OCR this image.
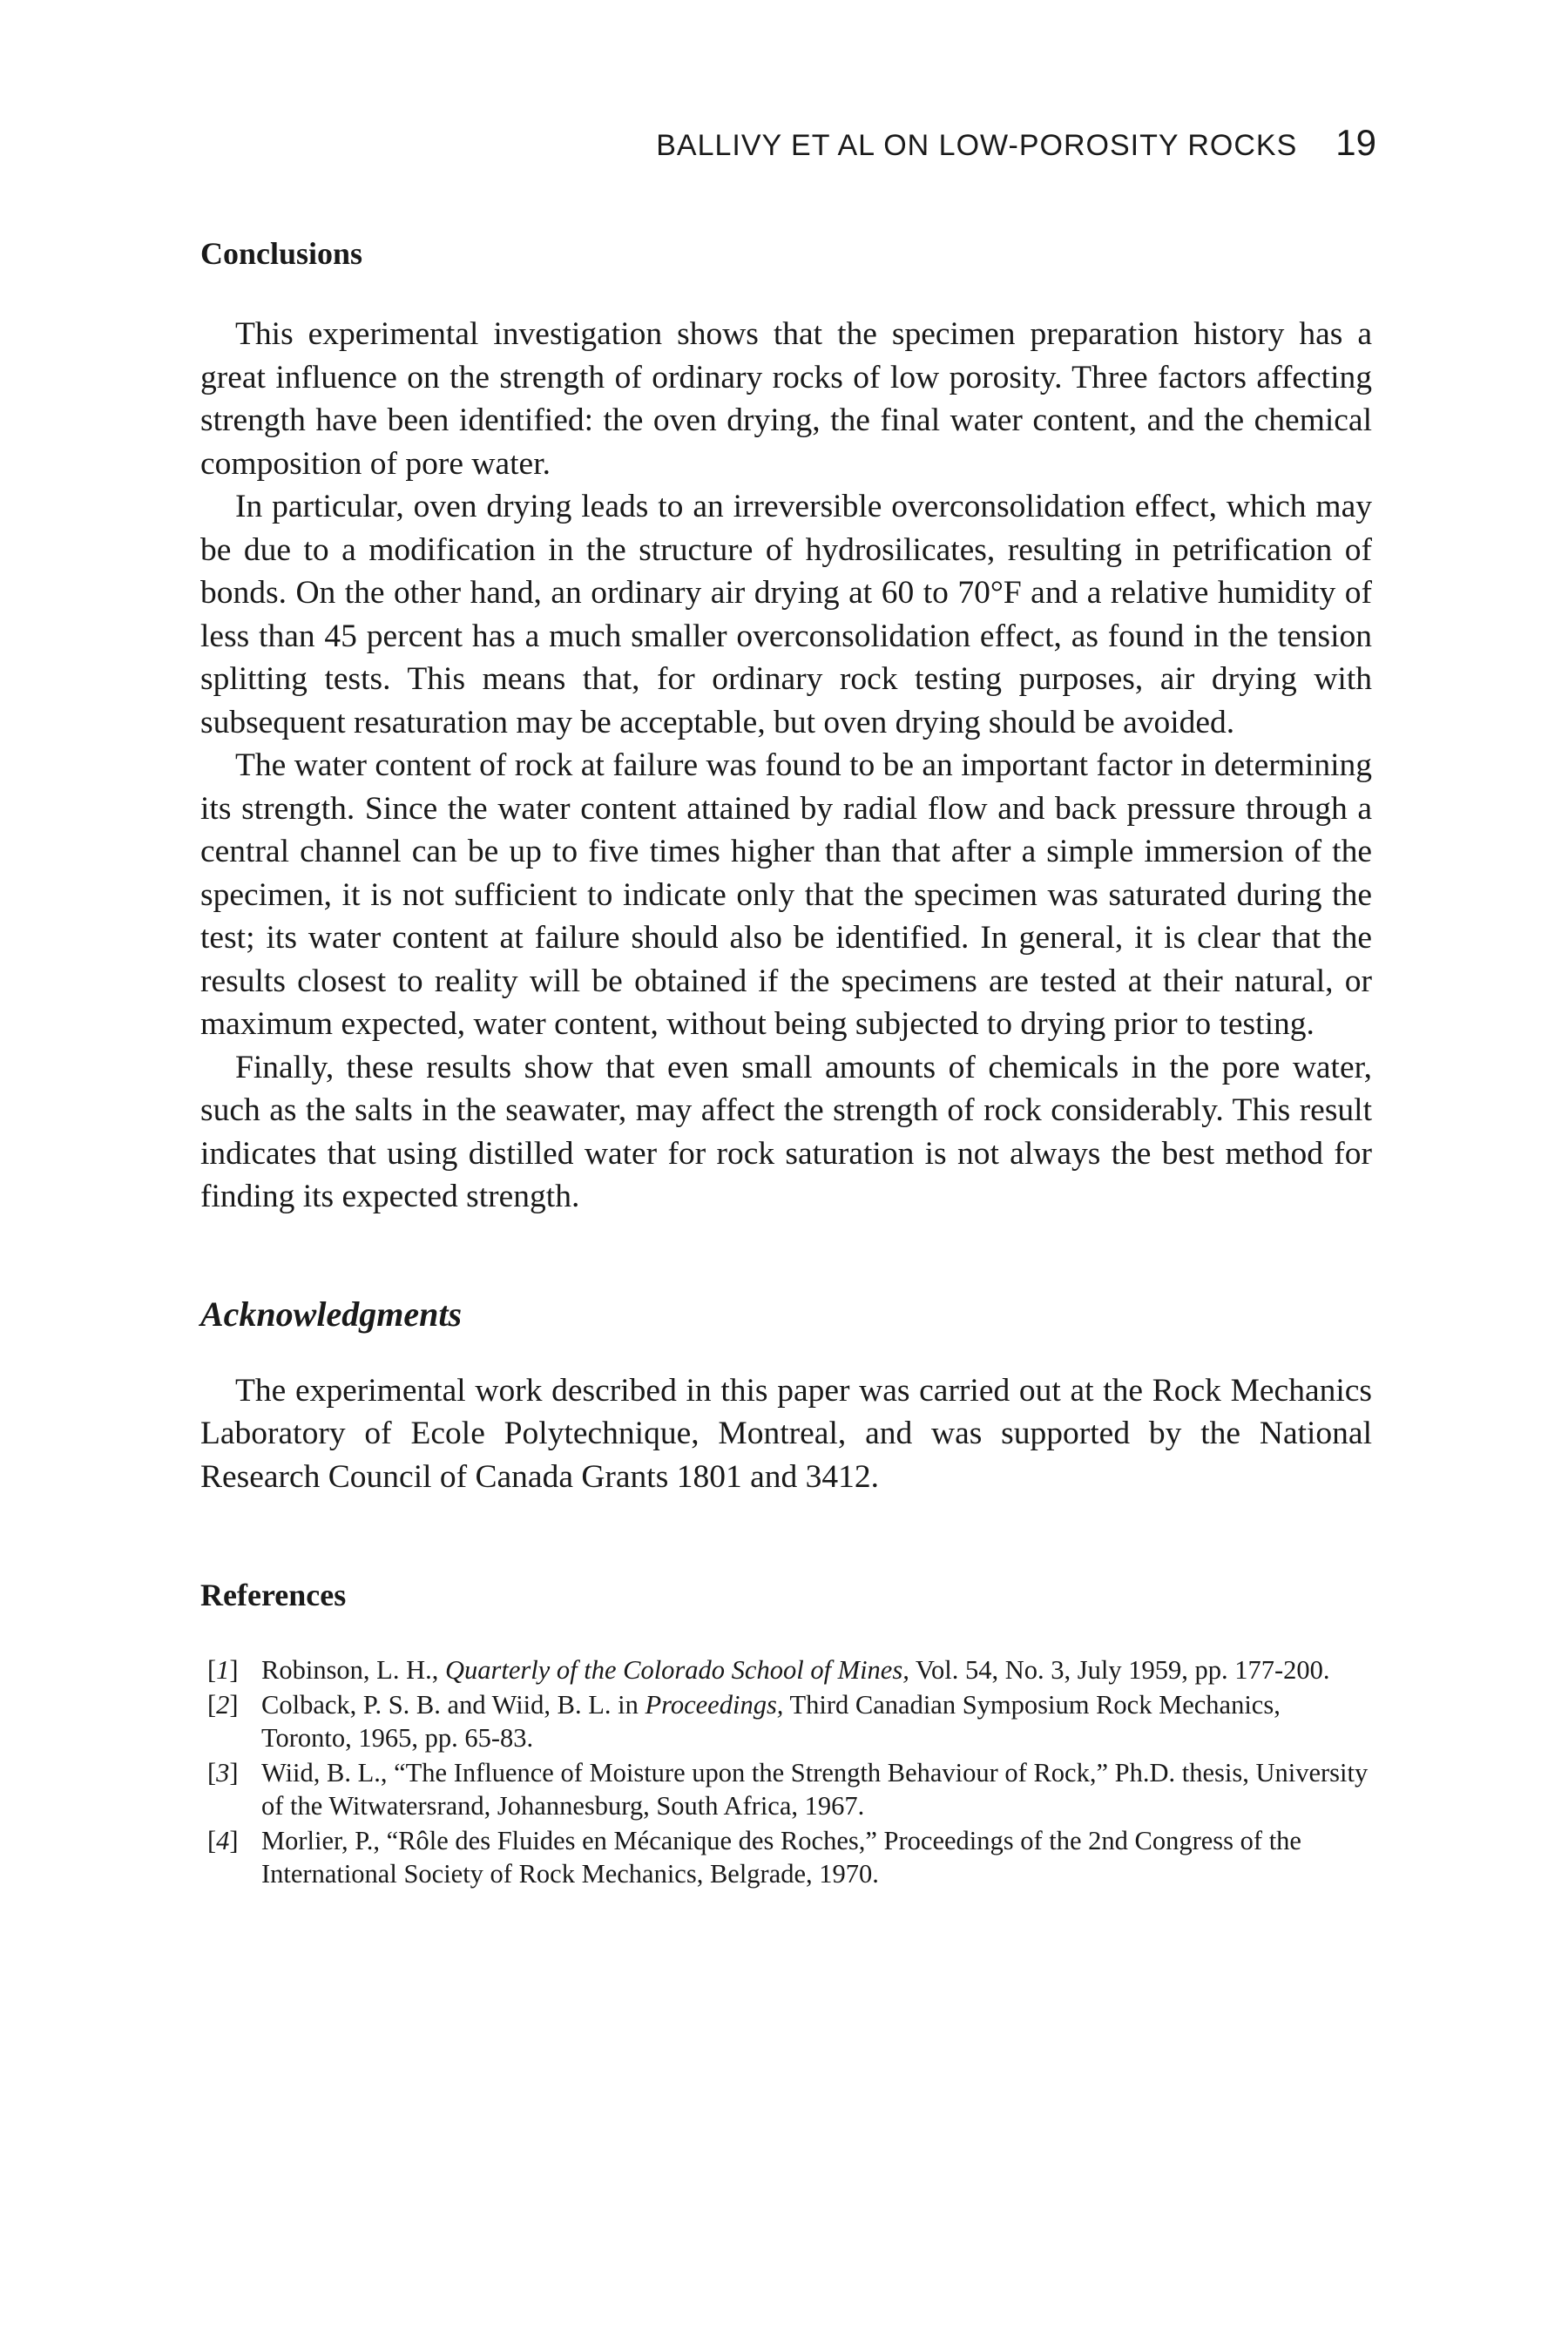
BALLIVY ET AL ON LOW-POROSITY ROCKS 19
Conclusions

This experimental investigation shows that the specimen preparation history has a great influence on the strength of ordinary rocks of low porosity. Three factors affecting strength have been identified: the oven drying, the final water content, and the chemical composition of pore water.

In particular, oven drying leads to an irreversible overconsolidation effect, which may be due to a modification in the structure of hydrosilicates, resulting in petrification of bonds. On the other hand, an ordinary air drying at 60 to 70°F and a relative humidity of less than 45 percent has a much smaller overconsolidation effect, as found in the tension splitting tests. This means that, for ordinary rock testing purposes, air drying with subsequent resaturation may be acceptable, but oven drying should be avoided.

The water content of rock at failure was found to be an important factor in determining its strength. Since the water content attained by radial flow and back pressure through a central channel can be up to five times higher than that after a simple immersion of the specimen, it is not sufficient to indicate only that the specimen was saturated during the test; its water content at failure should also be identified. In general, it is clear that the results closest to reality will be obtained if the specimens are tested at their natural, or maximum expected, water content, without being subjected to drying prior to testing.

Finally, these results show that even small amounts of chemicals in the pore water, such as the salts in the seawater, may affect the strength of rock considerably. This result indicates that using distilled water for rock saturation is not always the best method for finding its expected strength.

Acknowledgments

The experimental work described in this paper was carried out at the Rock Mechanics Laboratory of Ecole Polytechnique, Montreal, and was supported by the National Research Council of Canada Grants 1801 and 3412.

References
[1] Robinson, L. H., Quarterly of the Colorado School of Mines, Vol. 54, No. 3, July 1959, pp. 177-200.
[2] Colback, P. S. B. and Wiid, B. L. in Proceedings, Third Canadian Symposium Rock Mechanics, Toronto, 1965, pp. 65-83.
[3] Wiid, B. L., “The Influence of Moisture upon the Strength Behaviour of Rock,” Ph.D. thesis, University of the Witwatersrand, Johannesburg, South Africa, 1967.
[4] Morlier, P., “Rôle des Fluides en Mécanique des Roches,” Proceedings of the 2nd Congress of the International Society of Rock Mechanics, Belgrade, 1970.
